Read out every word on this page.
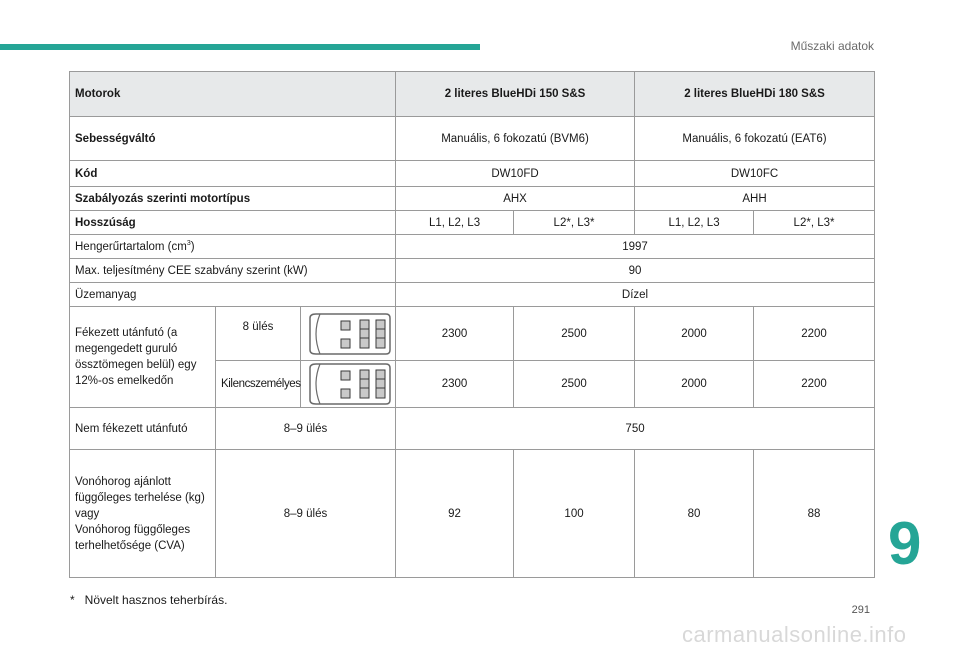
Műszaki adatok
9
Motorok			2 literes BlueHDi 150 S&S		2 literes BlueHDi 180 S&S	
Sebességváltó			Manuális, 6 fokozatú (BVM6)		Manuális, 6 fokozatú (EAT6)	
Kód			DW10FD		DW10FC	
Szabályozás szerinti motortípus			AHX		AHH	
Hosszúság			L1, L2, L3	L2*, L3*	L1, L2, L3	L2*, L3*
Hengerűrtartalom $(cm^3)$			1997			
Max. teljesítmény CEE szabvány szerint (kW)			90			
Üzemanyag			Dízel			
Fékezett utánfutó (a megengedett guruló össztömegen belül) egy 12%-os emelkedőn	8 ülés		2300	2500	2000	2200
	Kilencszemélyes		2300	2500	2000	2200
Nem fékezett utánfutó	8–9 ülés		750			

Vonóhorog ajánlott függőleges terhelése (kg)
vagy
Vonóhorog függőleges terhelhetősége (CVA)	8–9 ülés		92	100	80	88
* Növelt hasznos teherbírás.
291
carmanualsonline.info
